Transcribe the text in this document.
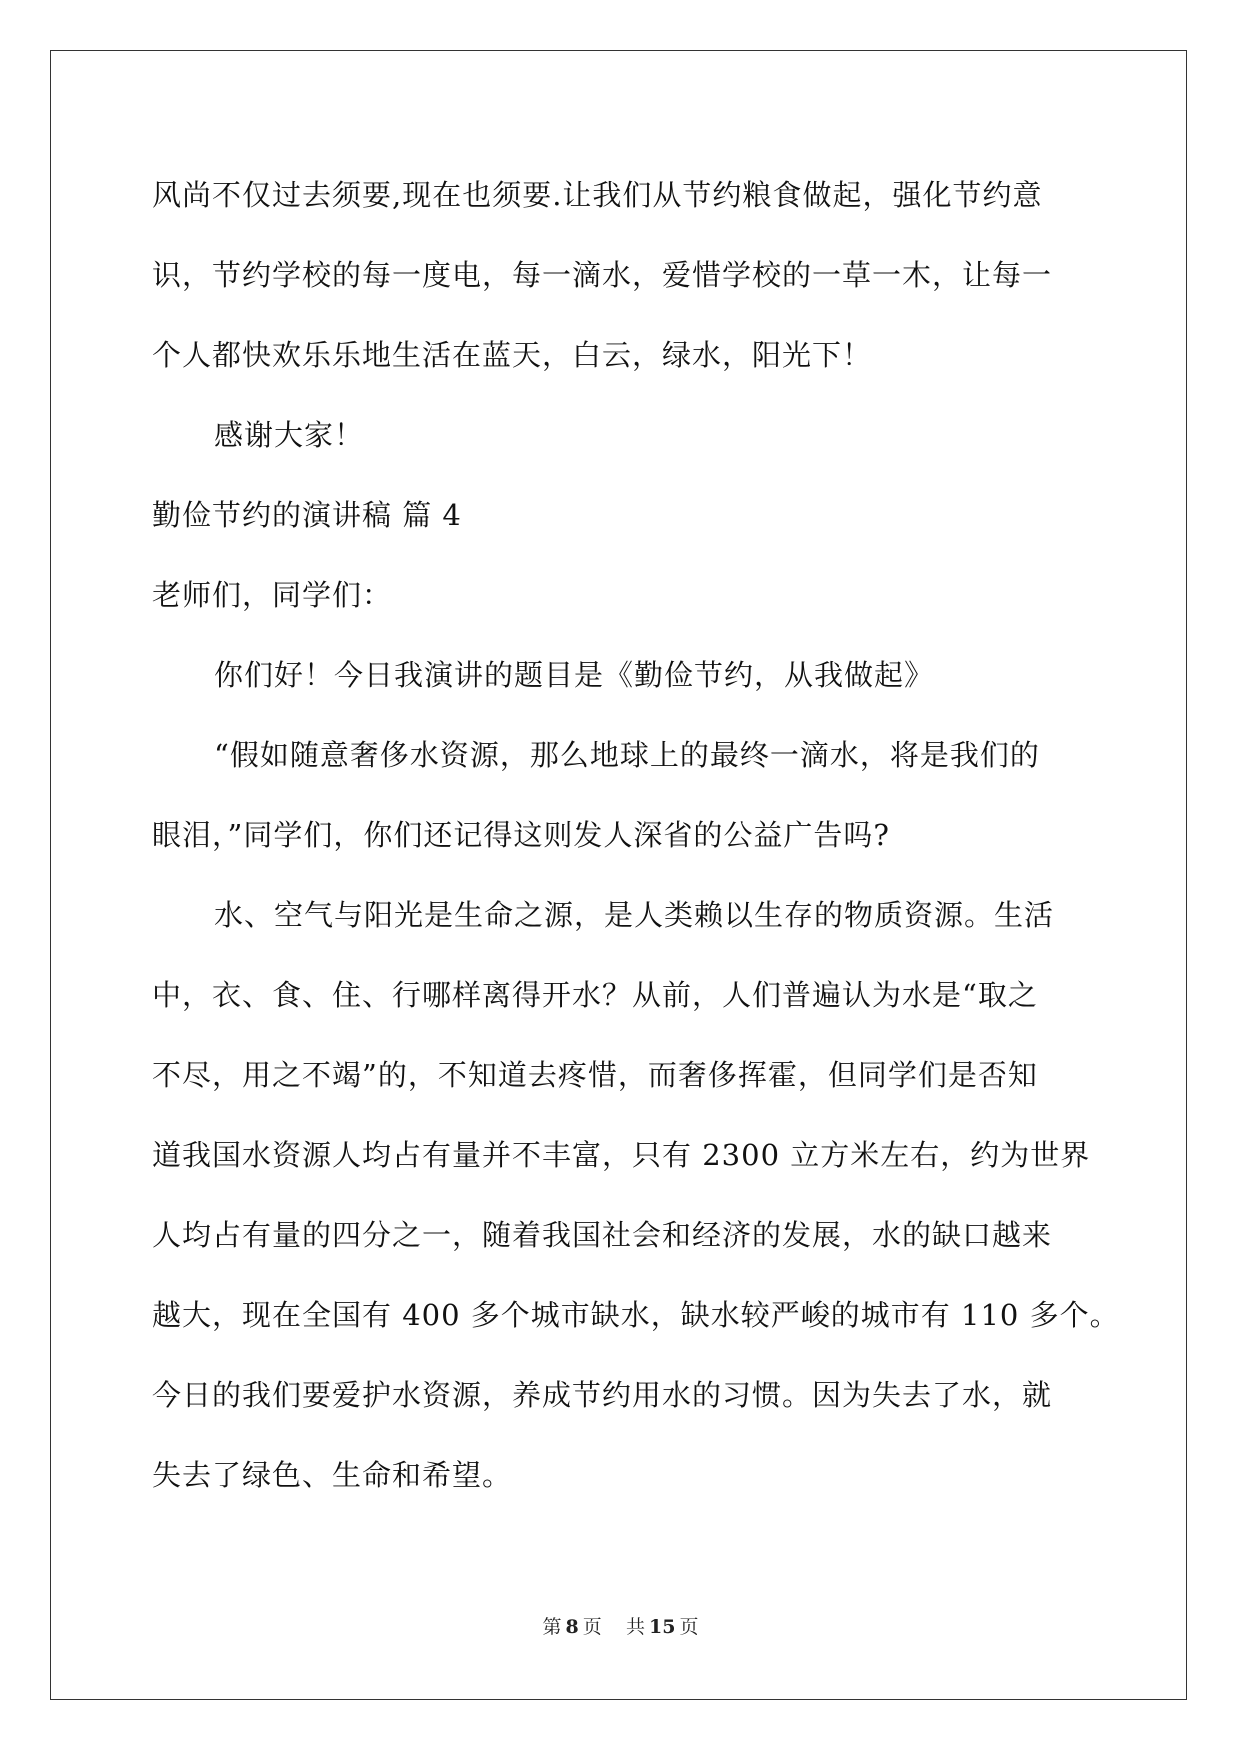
风尚不仅过去须要,现在也须要.让我们从节约粮食做起，强化节约意
识，节约学校的每一度电，每一滴水，爱惜学校的一草一木，让每一
个人都快欢乐乐地生活在蓝天，白云，绿水，阳光下！
感谢大家！
勤俭节约的演讲稿 篇 4
老师们，同学们：
你们好！今日我演讲的题目是《勤俭节约，从我做起》
“假如随意奢侈水资源，那么地球上的最终一滴水，将是我们的
眼泪，”同学们，你们还记得这则发人深省的公益广告吗?
水、空气与阳光是生命之源，是人类赖以生存的物质资源。生活
中，衣、食、住、行哪样离得开水？从前，人们普遍认为水是“取之
不尽，用之不竭”的，不知道去疼惜，而奢侈挥霍，但同学们是否知
道我国水资源人均占有量并不丰富，只有 2300 立方米左右，约为世界
人均占有量的四分之一，随着我国社会和经济的发展，水的缺口越来
越大，现在全国有 400 多个城市缺水，缺水较严峻的城市有 110 多个。
今日的我们要爱护水资源，养成节约用水的习惯。因为失去了水，就
失去了绿色、生命和希望。
第 8 页 共 15 页
